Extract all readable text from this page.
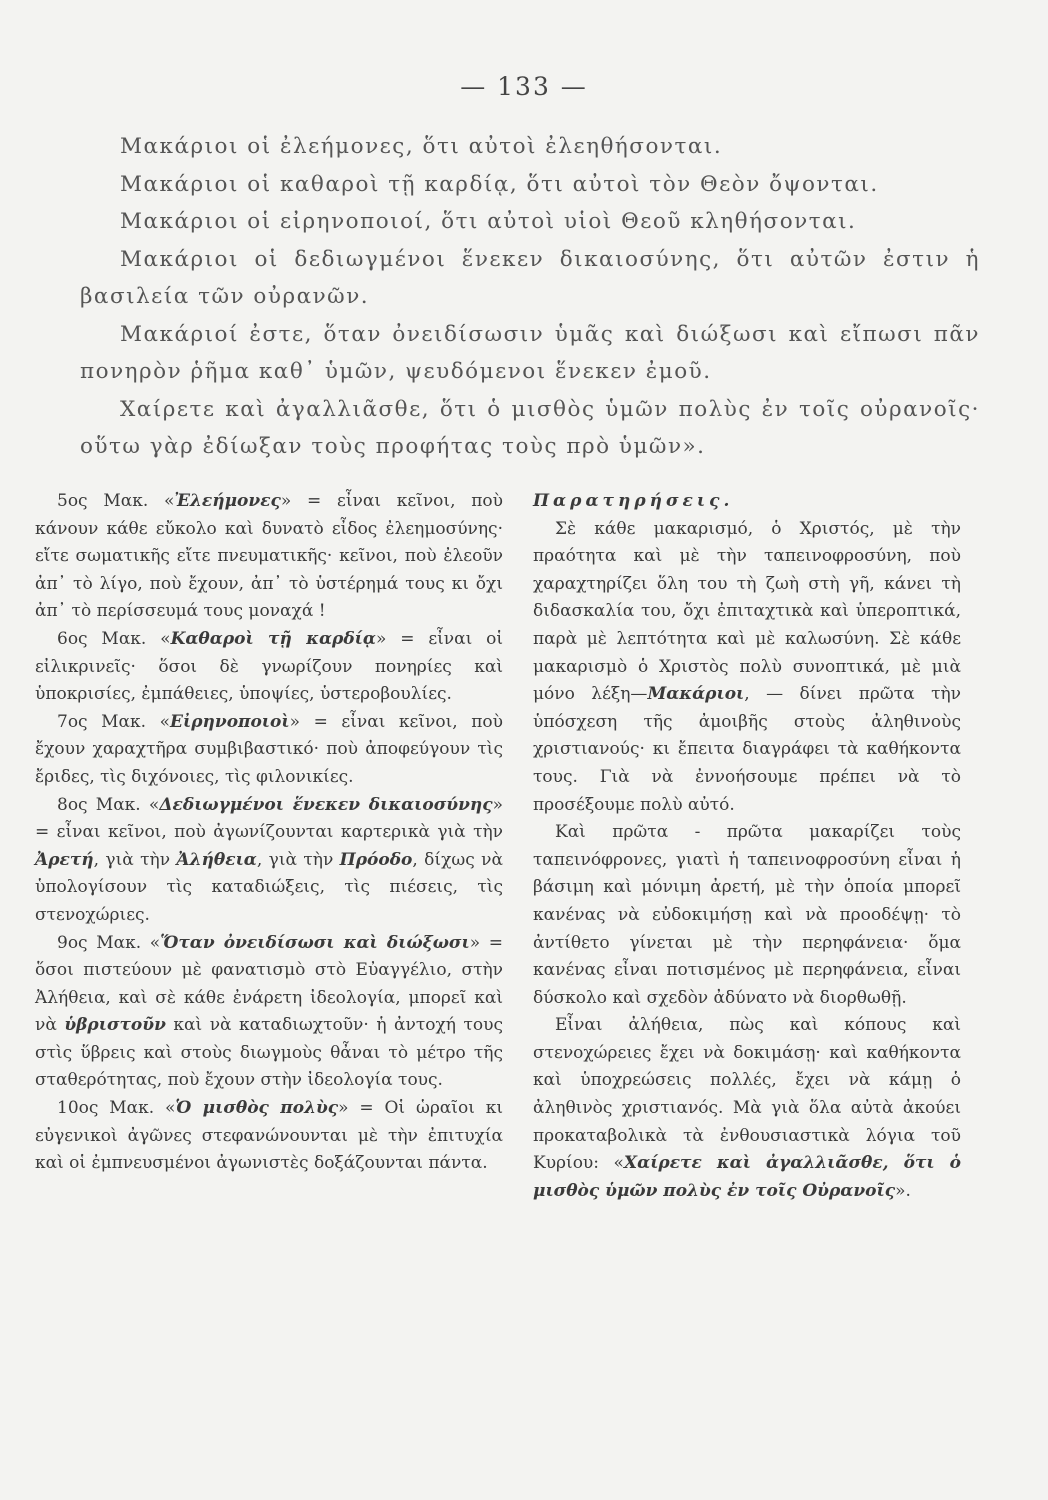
— 133 —

Μακάριοι οἱ ἐλεήμονες, ὅτι αὐτοὶ ἐλεηθήσονται.

Μακάριοι οἱ καθαροὶ τῇ καρδίᾳ, ὅτι αὐτοὶ τὸν Θεὸν ὄψονται.

Μακάριοι οἱ εἰρηνοποιοί, ὅτι αὐτοὶ υἱοὶ Θεοῦ κληθήσονται.

Μακάριοι οἱ δεδιωγμένοι ἕνεκεν δικαιοσύνης, ὅτι αὐτῶν ἐστιν ἡ βασιλεία τῶν οὐρανῶν.

Μακάριοί ἐστε, ὅταν ὀνειδίσωσιν ὑμᾶς καὶ διώξωσι καὶ εἴπωσι πᾶν πονηρὸν ῥῆμα καθ᾽ ὑμῶν, ψευδόμενοι ἕνεκεν ἐμοῦ.

Χαίρετε καὶ ἀγαλλιᾶσθε, ὅτι ὁ μισθὸς ὑμῶν πολὺς ἐν τοῖς οὐρανοῖς· οὕτω γὰρ ἐδίωξαν τοὺς προφήτας τοὺς πρὸ ὑμῶν».

5ος Μακ. «Ἐλεήμονες» = εἶναι κεῖνοι, ποὺ κάνουν κάθε εὔκολο καὶ δυνατὸ εἶδος ἐλεημοσύνης· εἴτε σωματικῆς εἴτε πνευματικῆς· κεῖνοι, ποὺ ἐλεοῦν ἀπ᾽ τὸ λίγο, ποὺ ἔχουν, ἀπ᾽ τὸ ὑστέρημά τους κι ὄχι ἀπ᾽ τὸ περίσσευμά τους μοναχά !

6ος Μακ. «Καθαροὶ τῇ καρδίᾳ» = εἶναι οἱ εἰλικρινεῖς· ὅσοι δὲ γνωρίζουν πονηρίες καὶ ὑποκρισίες, ἐμπάθειες, ὑποψίες, ὑστεροβουλίες.

7ος Μακ. «Εἰρηνοποιοὶ» = εἶναι κεῖνοι, ποὺ ἔχουν χαραχτῆρα συμβιβαστικό· ποὺ ἀποφεύγουν τὶς ἔριδες, τὶς διχόνοιες, τὶς φιλονικίες.

8ος Μακ. «Δεδιωγμένοι ἕνεκεν δικαιοσύνης» = εἶναι κεῖνοι, ποὺ ἀγωνίζουνται καρτερικὰ γιὰ τὴν Ἀρετή, γιὰ τὴν Ἀλήθεια, γιὰ τὴν Πρόοδο, δίχως νὰ ὑπολογίσουν τὶς καταδιώξεις, τὶς πιέσεις, τὶς στενοχώριες.

9ος Μακ. «Ὅταν ὀνειδίσωσι καὶ διώξωσι» = ὅσοι πιστεύουν μὲ φανατισμὸ στὸ Εὐαγγέλιο, στὴν Ἀλήθεια, καὶ σὲ κάθε ἐνάρετη ἰδεολογία, μπορεῖ καὶ νὰ ὑβριστοῦν καὶ νὰ καταδιωχτοῦν· ἡ ἀντοχή τους στὶς ὕβρεις καὶ στοὺς διωγμοὺς θἆναι τὸ μέτρο τῆς σταθερότητας, ποὺ ἔχουν στὴν ἰδεολογία τους.

10ος Μακ. «Ὁ μισθὸς πολὺς» = Οἱ ὡραῖοι κι εὐγενικοὶ ἀγῶνες στεφανώνουνται μὲ τὴν ἐπιτυχία καὶ οἱ ἐμπνευσμένοι ἀγωνιστὲς δοξάζουνται πάντα.

Παρατηρήσεις.

Σὲ κάθε μακαρισμό, ὁ Χριστός, μὲ τὴν πραότητα καὶ μὲ τὴν ταπεινοφροσύνη, ποὺ χαραχτηρίζει ὅλη του τὴ ζωὴ στὴ γῆ, κάνει τὴ διδασκαλία του, ὄχι ἐπιταχτικὰ καὶ ὑπεροπτικά, παρὰ μὲ λεπτότητα καὶ μὲ καλωσύνη. Σὲ κάθε μακαρισμὸ ὁ Χριστὸς πολὺ συνοπτικά, μὲ μιὰ μόνο λέξη—Μακάριοι, — δίνει πρῶτα τὴν ὑπόσχεση τῆς ἀμοιβῆς στοὺς ἀληθινοὺς χριστιανούς· κι ἔπειτα διαγράφει τὰ καθήκοντα τους. Γιὰ νὰ ἐννοήσουμε πρέπει νὰ τὸ προσέξουμε πολὺ αὐτό.

Καὶ πρῶτα - πρῶτα μακαρίζει τοὺς ταπεινόφρονες, γιατὶ ἡ ταπεινοφροσύνη εἶναι ἡ βάσιμη καὶ μόνιμη ἀρετή, μὲ τὴν ὁποία μπορεῖ κανένας νὰ εὐδοκιμήσῃ καὶ νὰ προοδέψῃ· τὸ ἀντίθετο γίνεται μὲ τὴν περηφάνεια· ὅμα κανένας εἶναι ποτισμένος μὲ περηφάνεια, εἶναι δύσκολο καὶ σχεδὸν ἀδύνατο νὰ διορθωθῇ.

Εἶναι ἀλήθεια, πὼς καὶ κόπους καὶ στενοχώρειες ἔχει νὰ δοκιμάσῃ· καὶ καθήκοντα καὶ ὑποχρεώσεις πολλές, ἔχει νὰ κάμῃ ὁ ἀληθινὸς χριστιανός. Μὰ γιὰ ὅλα αὐτὰ ἀκούει προκαταβολικὰ τὰ ἐνθουσιαστικὰ λόγια τοῦ Κυρίου: «Χαίρετε καὶ ἀγαλλιᾶσθε, ὅτι ὁ μισθὸς ὑμῶν πολὺς ἐν τοῖς Οὐρανοῖς».
